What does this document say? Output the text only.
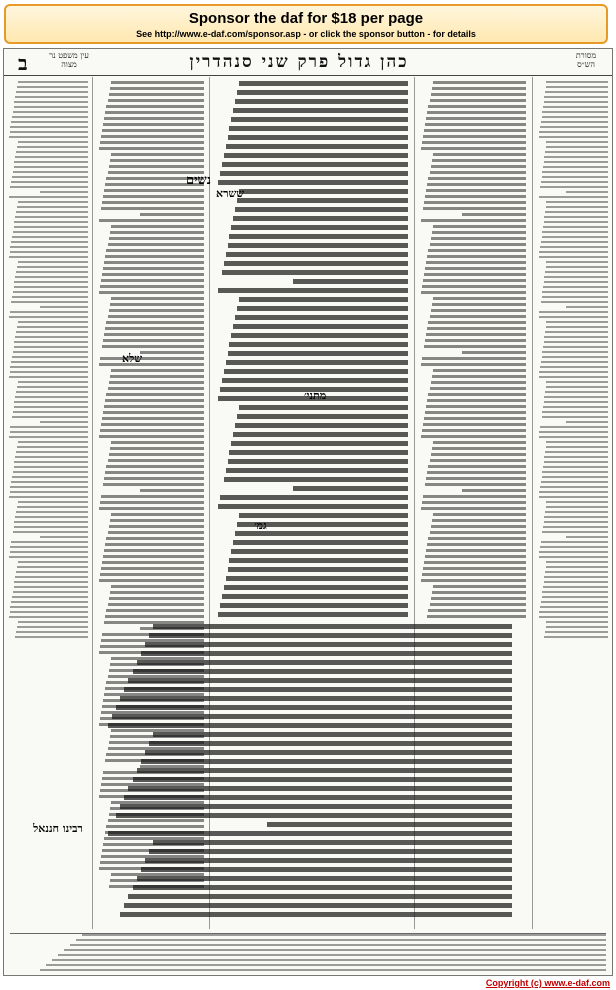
Sponsor the daf for $18 per page
See http://www.e-daf.com/sponsor.asp - or click the sponsor button - for details
ב	עין משפט נר מצוה	כהן גדול פרק שני סנהדרין	מסורת הש״ס
נשים
ששרא
שלא
מתני׳
גמ׳
רבינו חננאל
Copyright (c) www.e-daf.com
